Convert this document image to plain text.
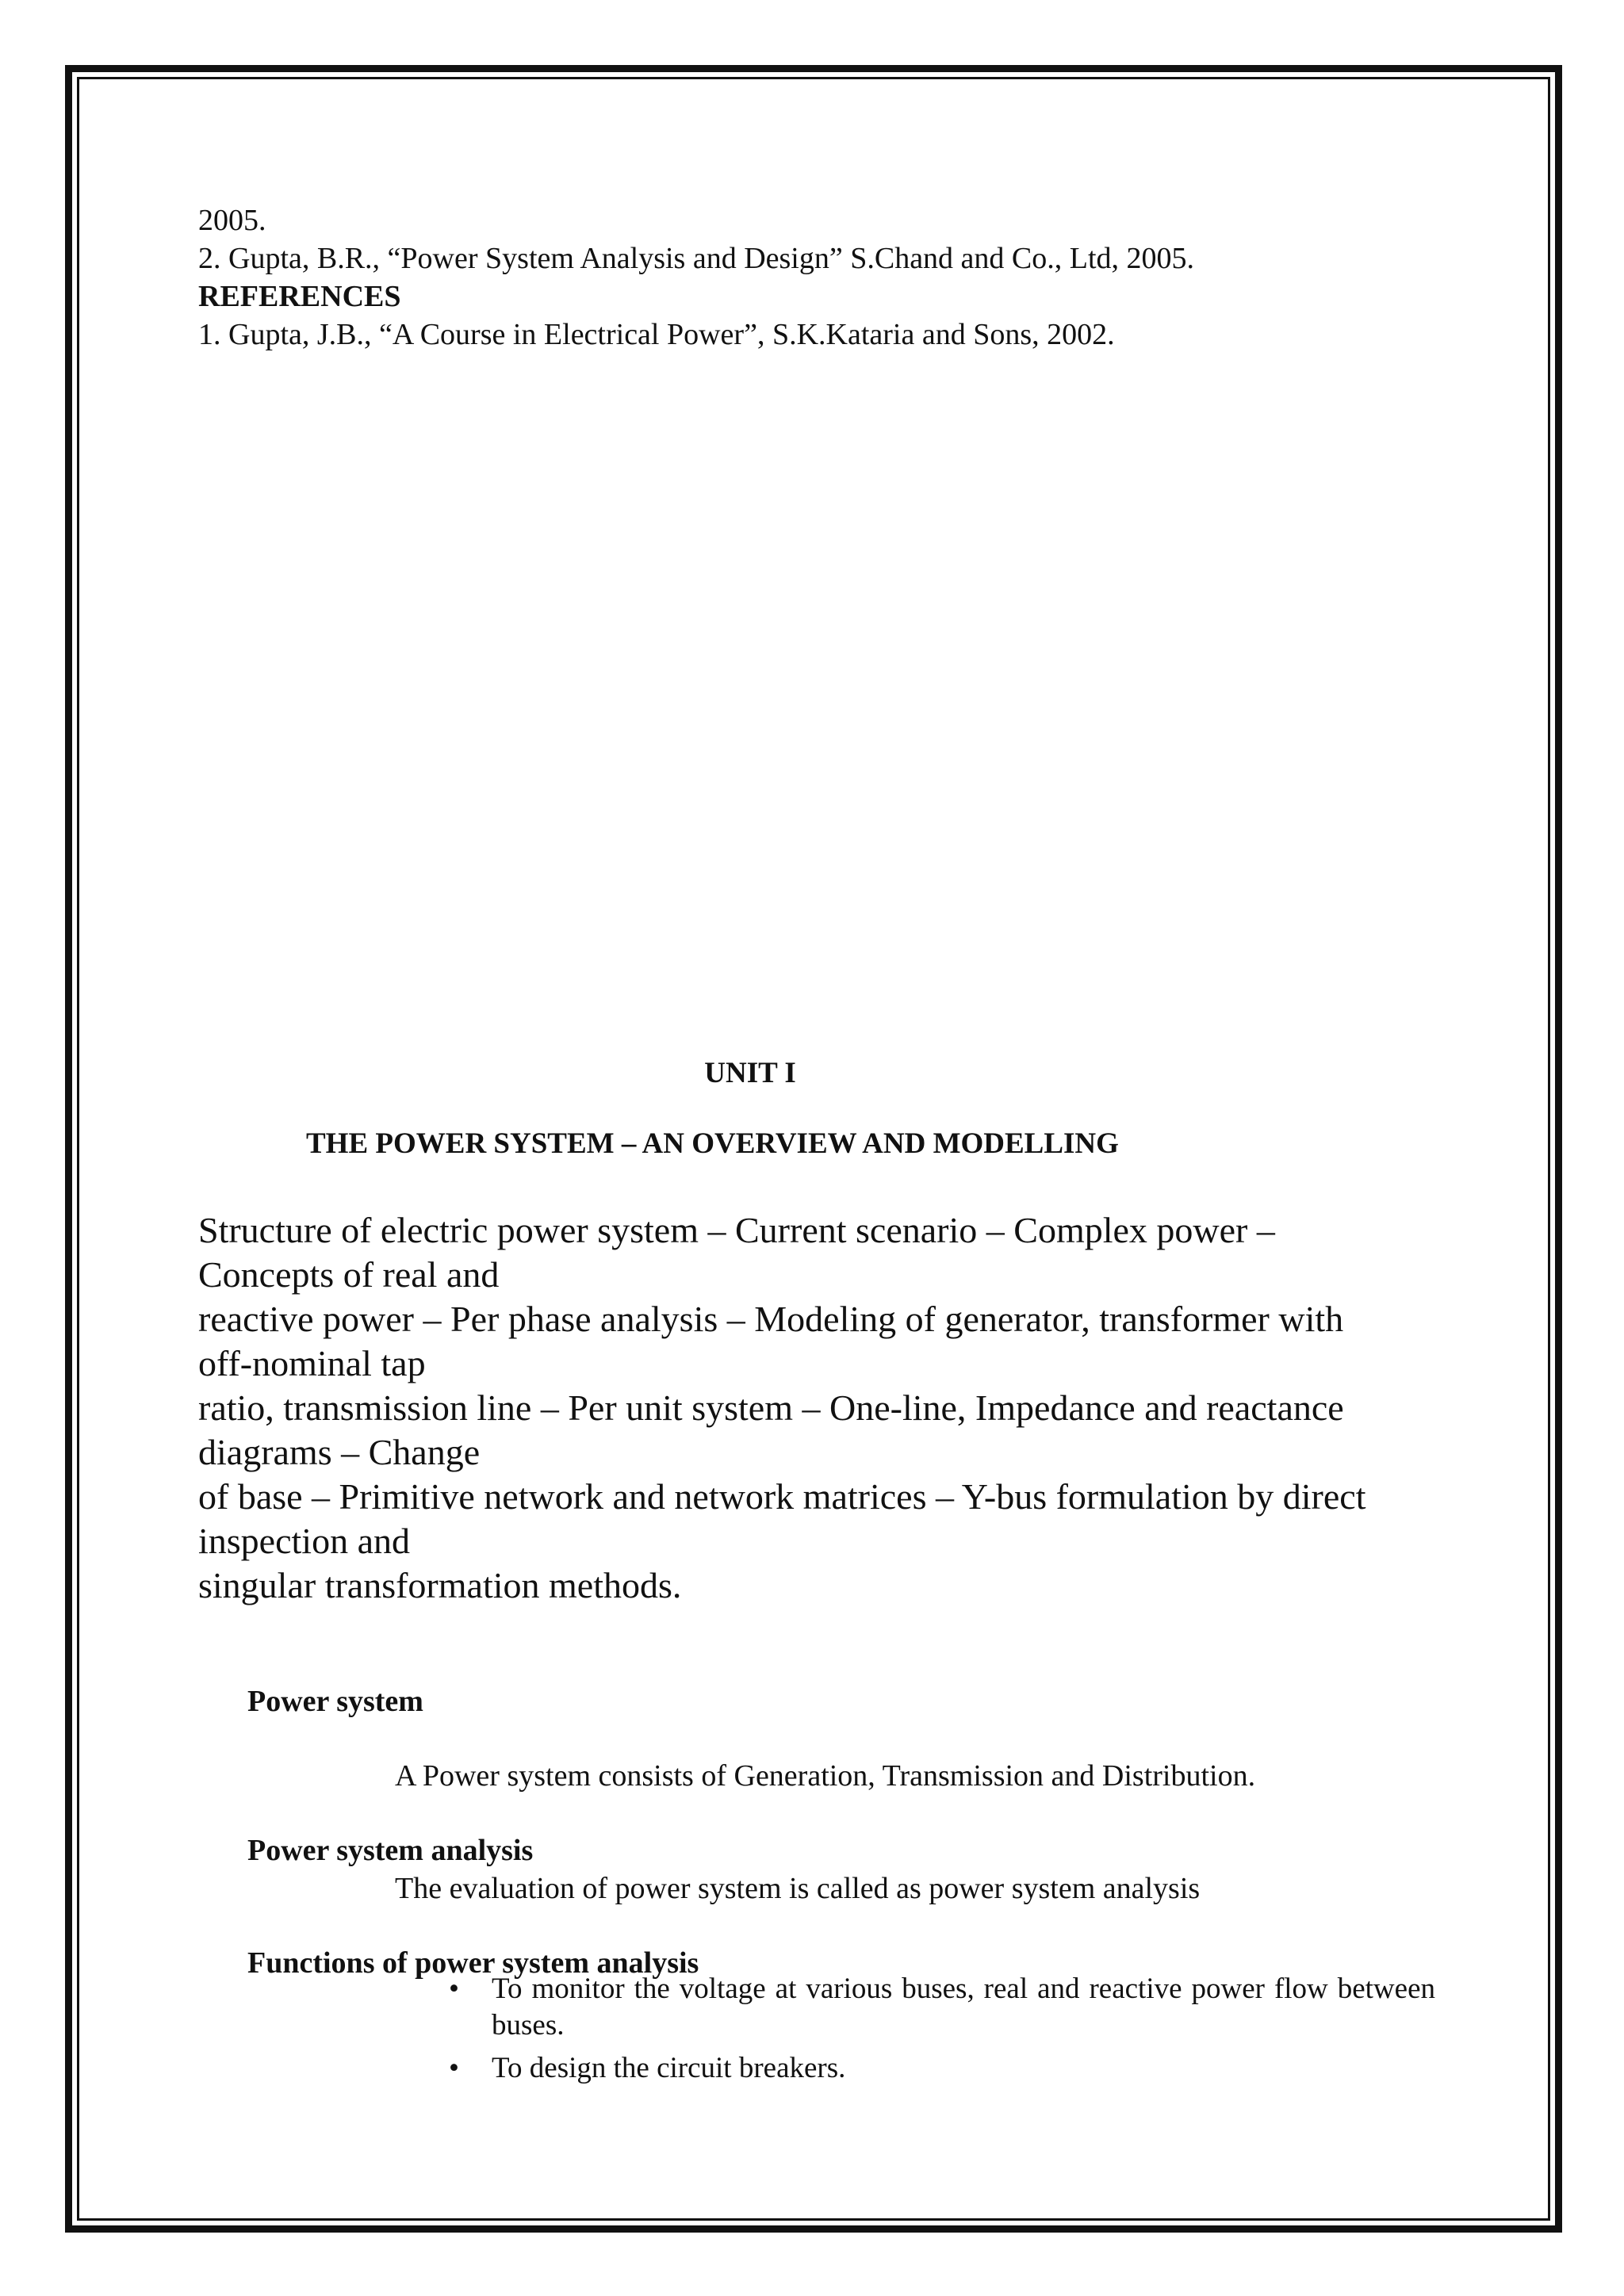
2005.

2. Gupta, B.R., “Power System Analysis and Design” S.Chand and Co., Ltd, 2005.

REFERENCES

1. Gupta, J.B., “A Course in Electrical Power”, S.K.Kataria and Sons, 2002.

UNIT I

THE POWER SYSTEM – AN OVERVIEW AND MODELLING

Structure of electric power system – Current scenario – Complex power –

Concepts of real and

reactive power – Per phase analysis – Modeling of generator, transformer with

off-nominal tap

ratio, transmission line – Per unit system – One-line, Impedance and reactance

diagrams – Change

of base – Primitive network and network matrices – Y-bus formulation by direct

inspection and

singular transformation methods.

Power system

A Power system consists of Generation, Transmission and Distribution.

Power system analysis

The evaluation of power system is called as power system analysis

Functions of power system analysis

• To monitor the voltage at various buses, real and reactive power flow between buses.
• To design the circuit breakers.
